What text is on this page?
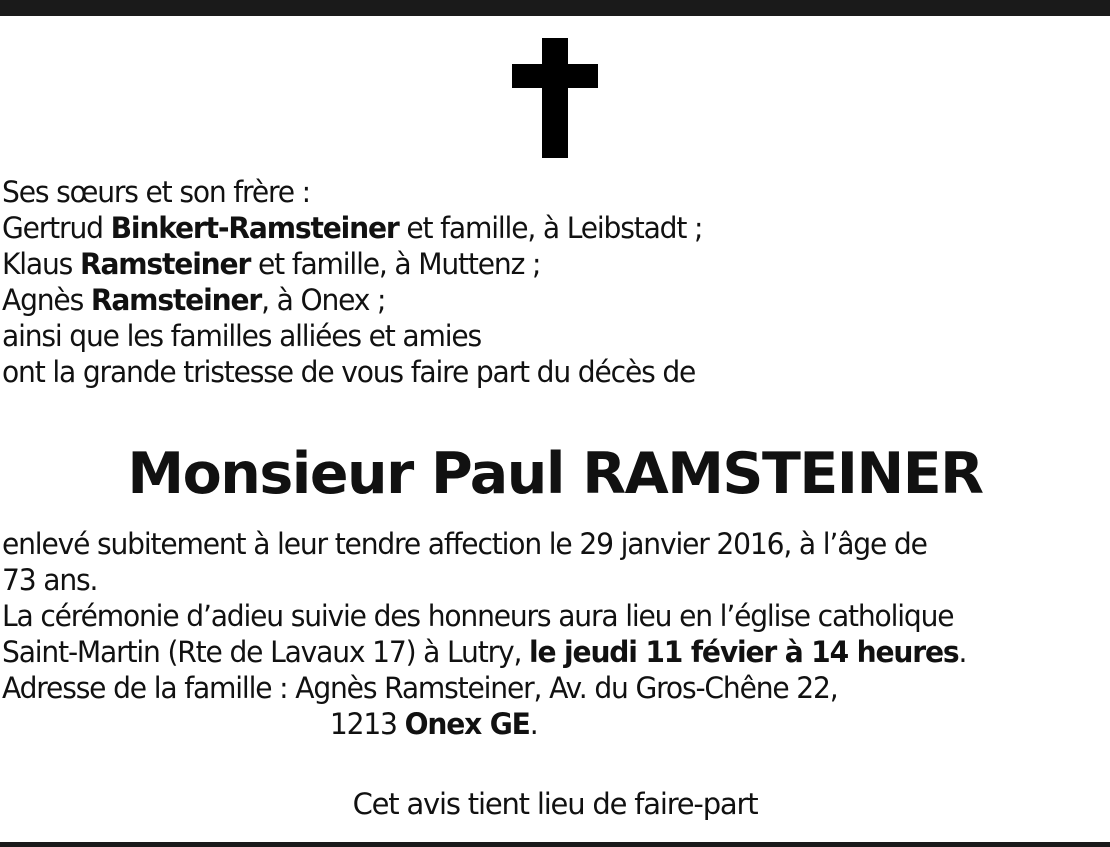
Ses sœurs et son frère :
Gertrud Binkert-Ramsteiner et famille, à Leibstadt ;
Klaus Ramsteiner et famille, à Muttenz ;
Agnès Ramsteiner, à Onex ;
ainsi que les familles alliées et amies
ont la grande tristesse de vous faire part du décès de
Monsieur Paul RAMSTEINER
enlevé subitement à leur tendre affection le 29 janvier 2016, à l’âge de
73 ans.
La cérémonie d’adieu suivie des honneurs aura lieu en l’église catholique
Saint-Martin (Rte de Lavaux 17) à Lutry, le jeudi 11 févier à 14 heures.
Adresse de la famille : Agnès Ramsteiner, Av. du Gros-Chêne 22,
1213 Onex GE.
Cet avis tient lieu de faire-part
